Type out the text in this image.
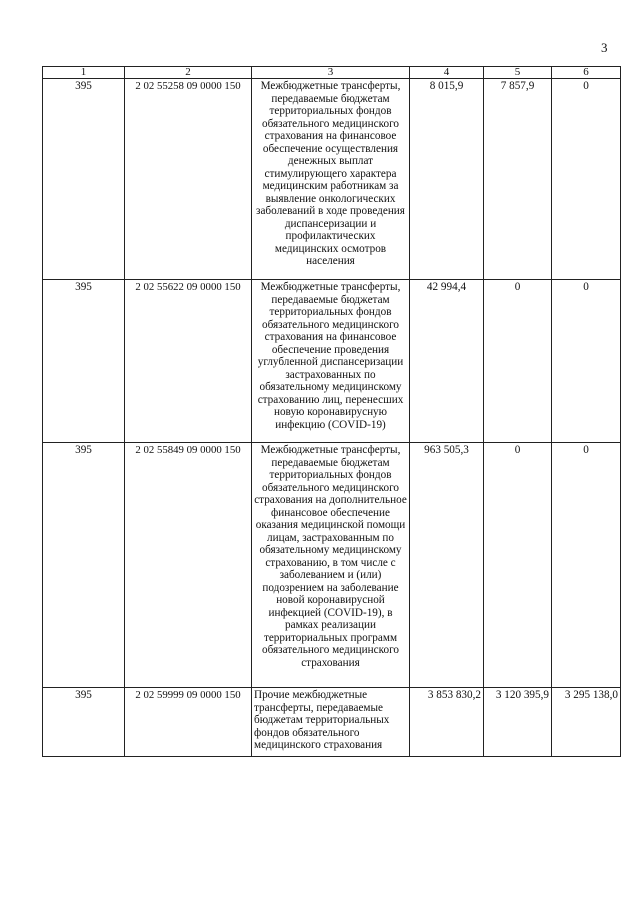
3
1	2	3	4	5	6
395	2 02 55258 09 0000 150	Межбюджетные трансферты, передаваемые бюджетам территориальных фондов обязательного медицинского страхования на финансовое обеспечение осуществления денежных выплат стимулирующего характера медицинским работникам за выявление онкологических заболеваний в ходе проведения диспансеризации и профилактических медицинских осмотров населения	8 015,9	7 857,9	0
395	2 02 55622 09 0000 150	Межбюджетные трансферты, передаваемые бюджетам территориальных фондов обязательного медицинского страхования на финансовое обеспечение проведения углубленной диспансеризации застрахованных по обязательному медицинскому страхованию лиц, перенесших новую коронавирусную инфекцию (COVID-19)	42 994,4	0	0
395	2 02 55849 09 0000 150	Межбюджетные трансферты, передаваемые бюджетам территориальных фондов обязательного медицинского страхования на дополнительное финансовое обеспечение оказания медицинской помощи лицам, застрахованным по обязательному медицинскому страхованию, в том числе с заболеванием и (или) подозрением на заболевание новой коронавирусной инфекцией (COVID-19), в рамках реализации территориальных программ обязательного медицинского страхования	963 505,3	0	0
395	2 02 59999 09 0000 150	Прочие межбюджетные трансферты, передаваемые бюджетам территориальных фондов обязательного медицинского страхования	3 853 830,2	3 120 395,9	3 295 138,0
